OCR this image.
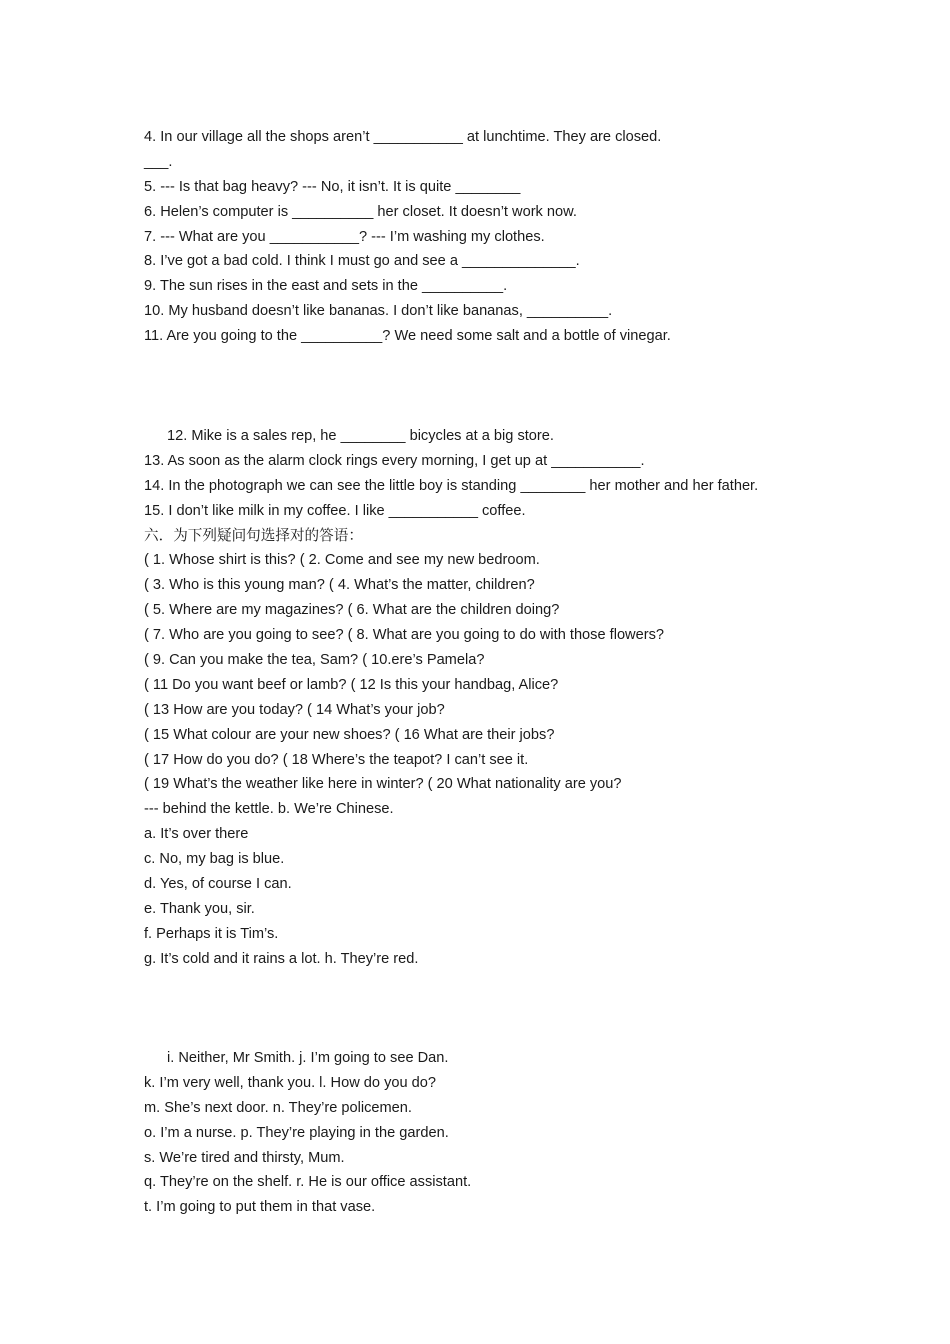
4. In our village all the shops aren’t ___________ at lunchtime. They are closed.
___.
5. --- Is that bag heavy? --- No, it isn’t. It is quite ________
6. Helen’s computer is __________ her closet. It doesn’t work now.
7. --- What are you ___________? --- I’m washing my clothes.
8. I’ve got a bad cold. I think I must go and see a ______________.
9. The sun rises in the east and sets in the __________.
10. My husband doesn’t like bananas. I don’t like bananas, __________.
11. Are you going to the __________? We need some salt and a bottle of vinegar.
12. Mike is a sales rep, he ________ bicycles at a big store.
13. As soon as the alarm clock rings every morning, I get up at ___________.
14. In the photograph we can see the little boy is standing ________ her mother and her father.
15. I don’t like milk in my coffee. I like ___________ coffee.
六．为下列疑问句选择对的答语：
( 1. Whose shirt is this? ( 2. Come and see my new bedroom.
( 3. Who is this young man? ( 4. What’s the matter, children?
( 5. Where are my magazines? ( 6. What are the children doing?
( 7. Who are you going to see? ( 8. What are you going to do with those flowers?
( 9. Can you make the tea, Sam? ( 10.ere’s Pamela?
( 11 Do you want beef or lamb? ( 12 Is this your handbag, Alice?
( 13 How are you today? ( 14 What’s your job?
( 15 What colour are your new shoes? ( 16 What are their jobs?
( 17 How do you do? ( 18 Where’s the teapot? I can’t see it.
( 19 What’s the weather like here in winter? ( 20 What nationality are you?
--- behind the kettle. b. We’re Chinese.
a. It’s over there
c. No, my bag is blue.
d. Yes, of course I can.
e. Thank you, sir.
f. Perhaps it is Tim’s.
g. It’s cold and it rains a lot. h. They’re red.
i. Neither, Mr Smith. j. I’m going to see Dan.
k. I’m very well, thank you. l. How do you do?
m. She’s next door. n. They’re policemen.
o. I’m a nurse. p. They’re playing in the garden.
s. We’re tired and thirsty, Mum.
q. They’re on the shelf. r. He is our office assistant.
t. I’m going to put them in that vase.
